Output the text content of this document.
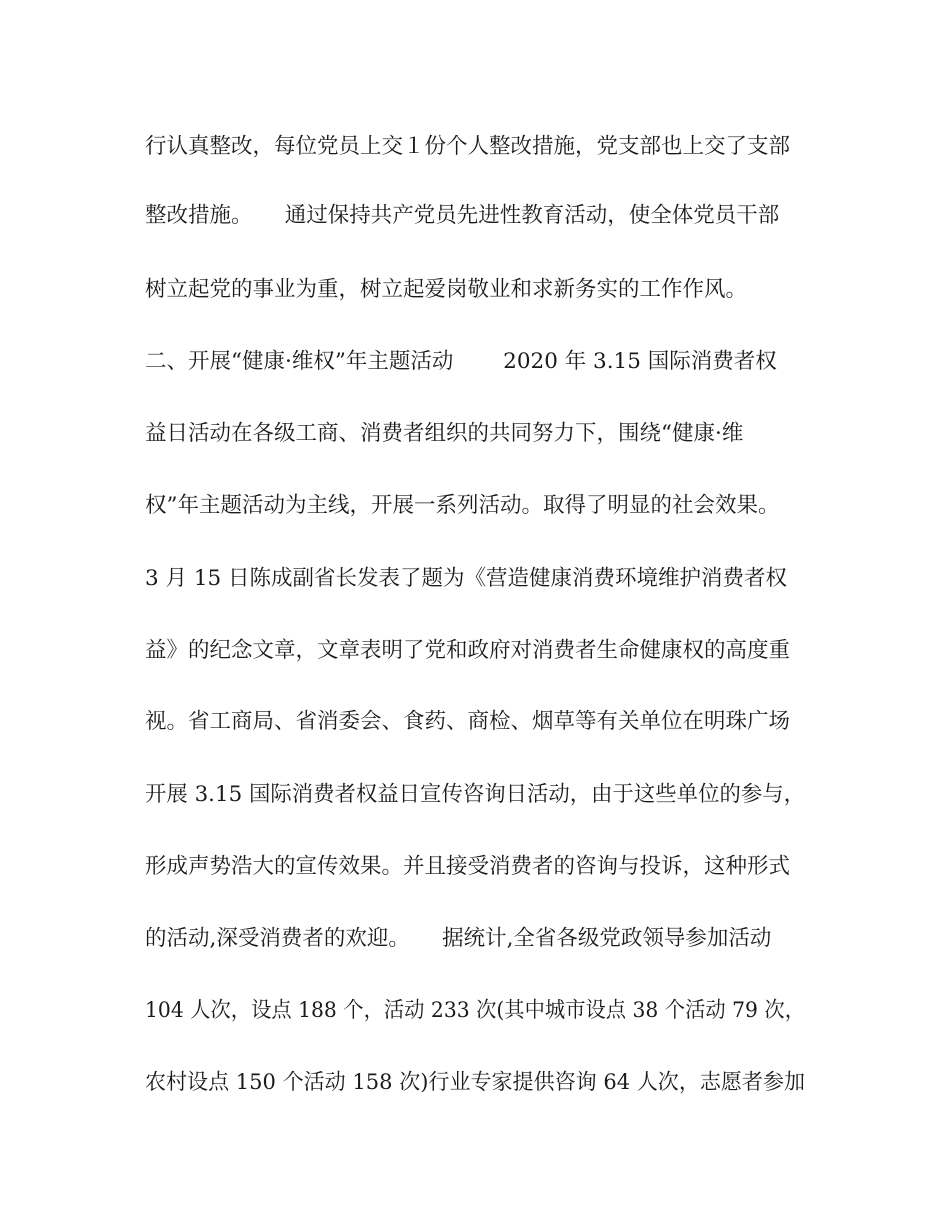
行认真整改，每位党员上交１份个人整改措施，党支部也上交了支部
整改措施。　　通过保持共产党员先进性教育活动，使全体党员干部
树立起党的事业为重，树立起爱岗敬业和求新务实的工作作风。
二、开展“健康·维权”年主题活动　　 2020 年 3.15 国际消费者权
益日活动在各级工商、消费者组织的共同努力下，围绕“健康·维
权”年主题活动为主线，开展一系列活动。取得了明显的社会效果。
3 月 15 日陈成副省长发表了题为《营造健康消费环境维护消费者权
益》的纪念文章，文章表明了党和政府对消费者生命健康权的高度重
视。省工商局、省消委会、食药、商检、烟草等有关单位在明珠广场
开展 3.15 国际消费者权益日宣传咨询日活动，由于这些单位的参与，
形成声势浩大的宣传效果。并且接受消费者的咨询与投诉，这种形式
的活动,深受消费者的欢迎。　　据统计,全省各级党政领导参加活动
104 人次，设点 188 个，活动 233 次(其中城市设点 38 个活动 79 次，
农村设点 150 个活动 158 次)行业专家提供咨询 64 人次，志愿者参加
